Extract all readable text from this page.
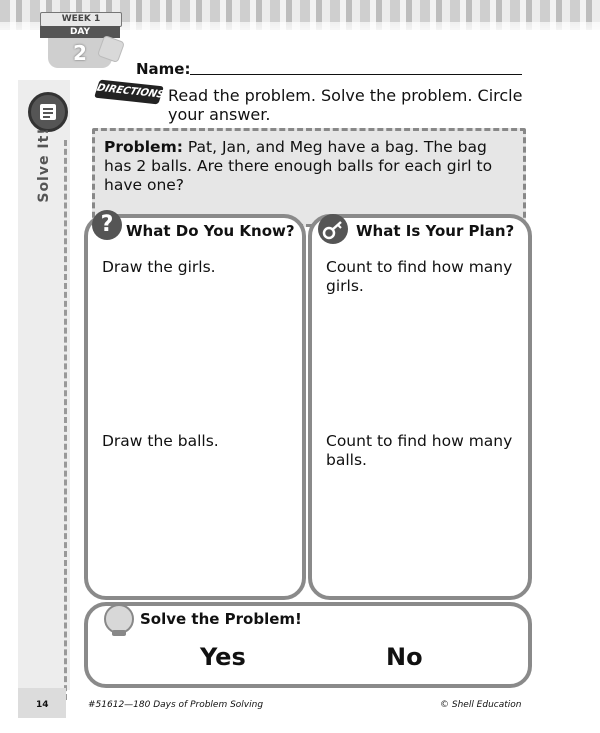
WEEK 1
DAY
2
Solve It!
Name:
DIRECTIONS:
Read the problem. Solve the problem. Circle your answer.
Problem: Pat, Jan, and Meg have a bag. The bag has 2 balls. Are there enough balls for each girl to have one?
? What Do You Know?
Draw the girls.
Draw the balls.
What Is Your Plan?
Count to find how many girls.
Count to find how many balls.
Solve the Problem!
Yes	No
14	#51612—180 Days of Problem Solving	© Shell Education
